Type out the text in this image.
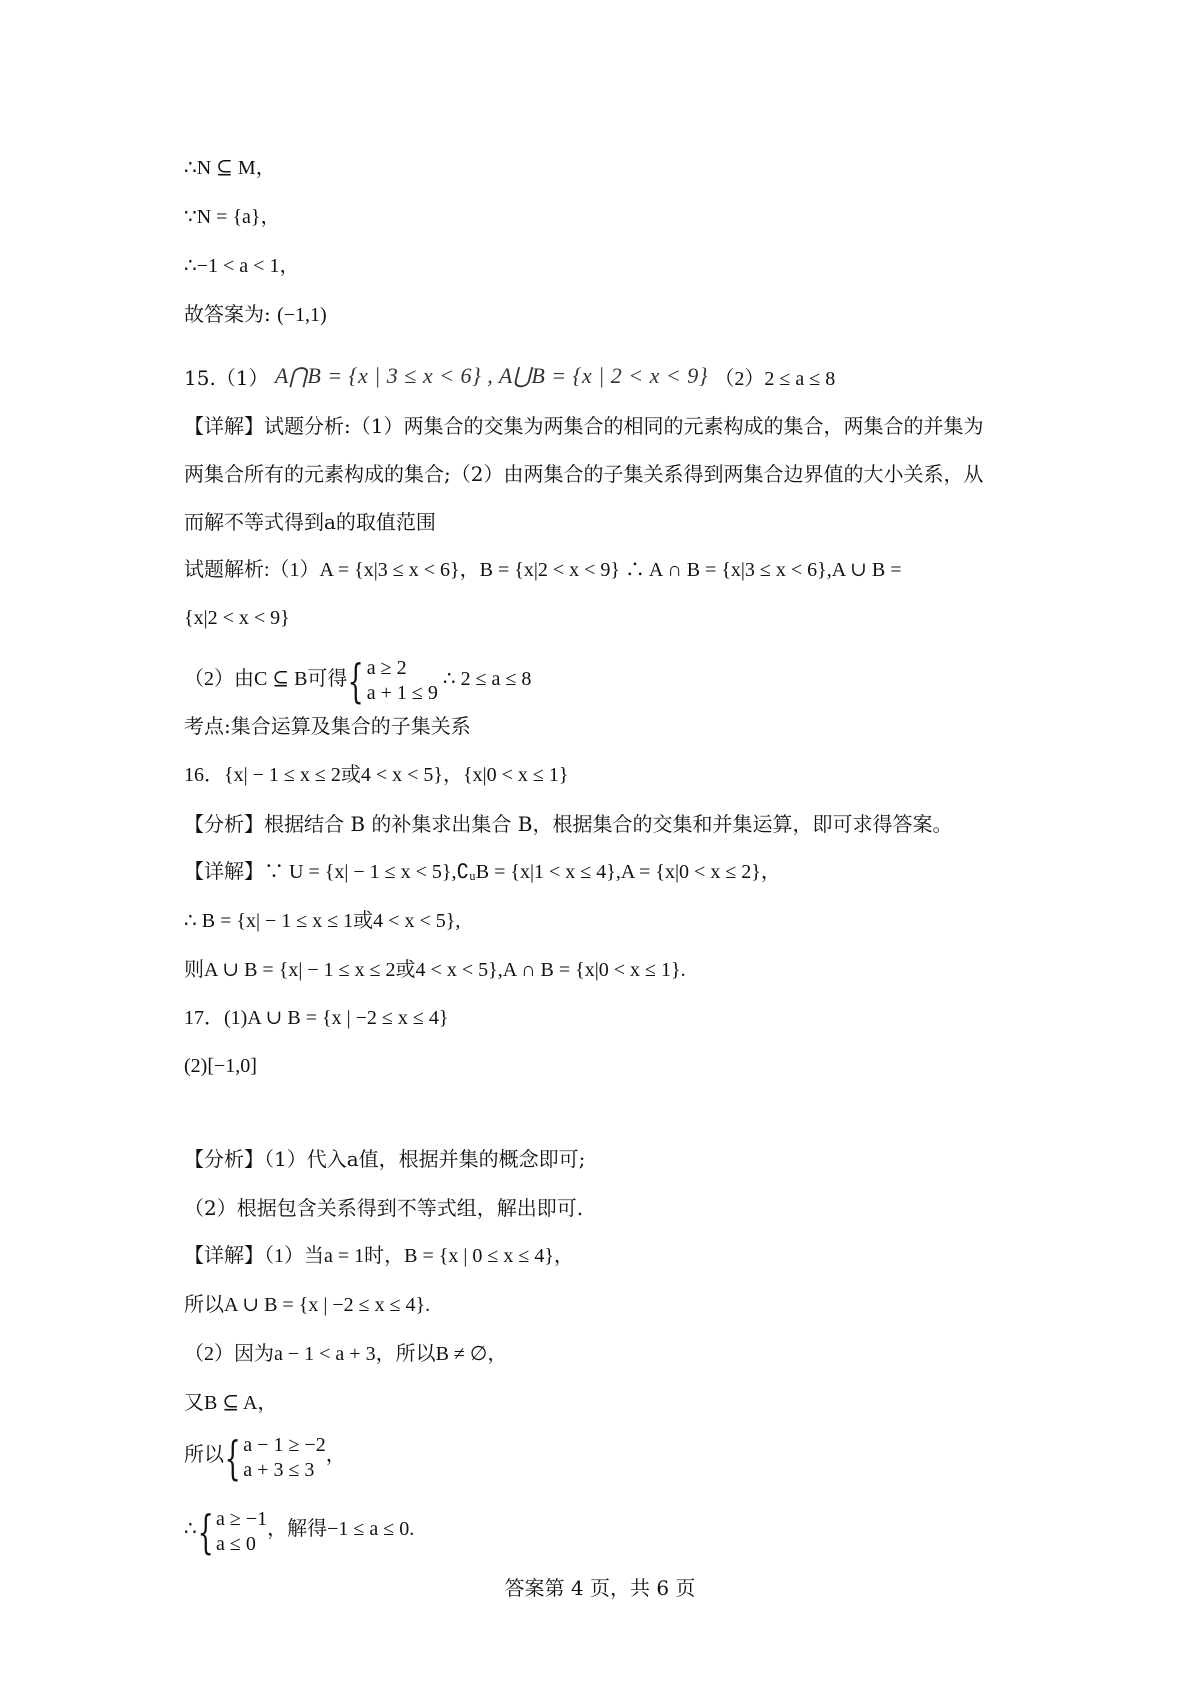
∴N ⊆ M，
∵N = {a}，
∴−1 < a < 1，
故答案为: (−1,1)
15.（1） A⋂B = {x | 3 ≤ x < 6} , A⋃B = {x | 2 < x < 9} （2）2 ≤ a ≤ 8
【详解】试题分析:（1）两集合的交集为两集合的相同的元素构成的集合，两集合的并集为
两集合所有的元素构成的集合;（2）由两集合的子集关系得到两集合边界值的大小关系，从
而解不等式得到a的取值范围
试题解析:（1）A = {x|3 ≤ x < 6}，B = {x|2 < x < 9} ∴ A ∩ B = {x|3 ≤ x < 6},A ∪ B =
{x|2 < x < 9}
（2）由C ⊆ B可得{ a ≥ 2
a + 1 ≤ 9
∴ 2 ≤ a ≤ 8
考点:集合运算及集合的子集关系
16．{x| − 1 ≤ x ≤ 2或4 < x < 5}，{x|0 < x ≤ 1}
【分析】根据结合 B 的补集求出集合 B，根据集合的交集和并集运算，即可求得答案。
【详解】∵ U = {x| − 1 ≤ x < 5},∁ᵤB = {x|1 < x ≤ 4},A = {x|0 < x ≤ 2}，
∴ B = {x| − 1 ≤ x ≤ 1或4 < x < 5},
则A ∪ B = {x| − 1 ≤ x ≤ 2或4 < x < 5},A ∩ B = {x|0 < x ≤ 1}.
17．(1)A ∪ B = {x | −2 ≤ x ≤ 4}
(2)[−1,0]
【分析】（1）代入a值，根据并集的概念即可;
（2）根据包含关系得到不等式组，解出即可.
【详解】（1）当a = 1时，B = {x | 0 ≤ x ≤ 4}，
所以A ∪ B = {x | −2 ≤ x ≤ 4}.
（2）因为a − 1 < a + 3，所以B ≠ ∅，
又B ⊆ A，
所以{ a − 1 ≥ −2
a + 3 ≤ 3
，
∴{ a ≥ −1
a ≤ 0
，解得−1 ≤ a ≤ 0.
答案第 4 页，共 6 页
